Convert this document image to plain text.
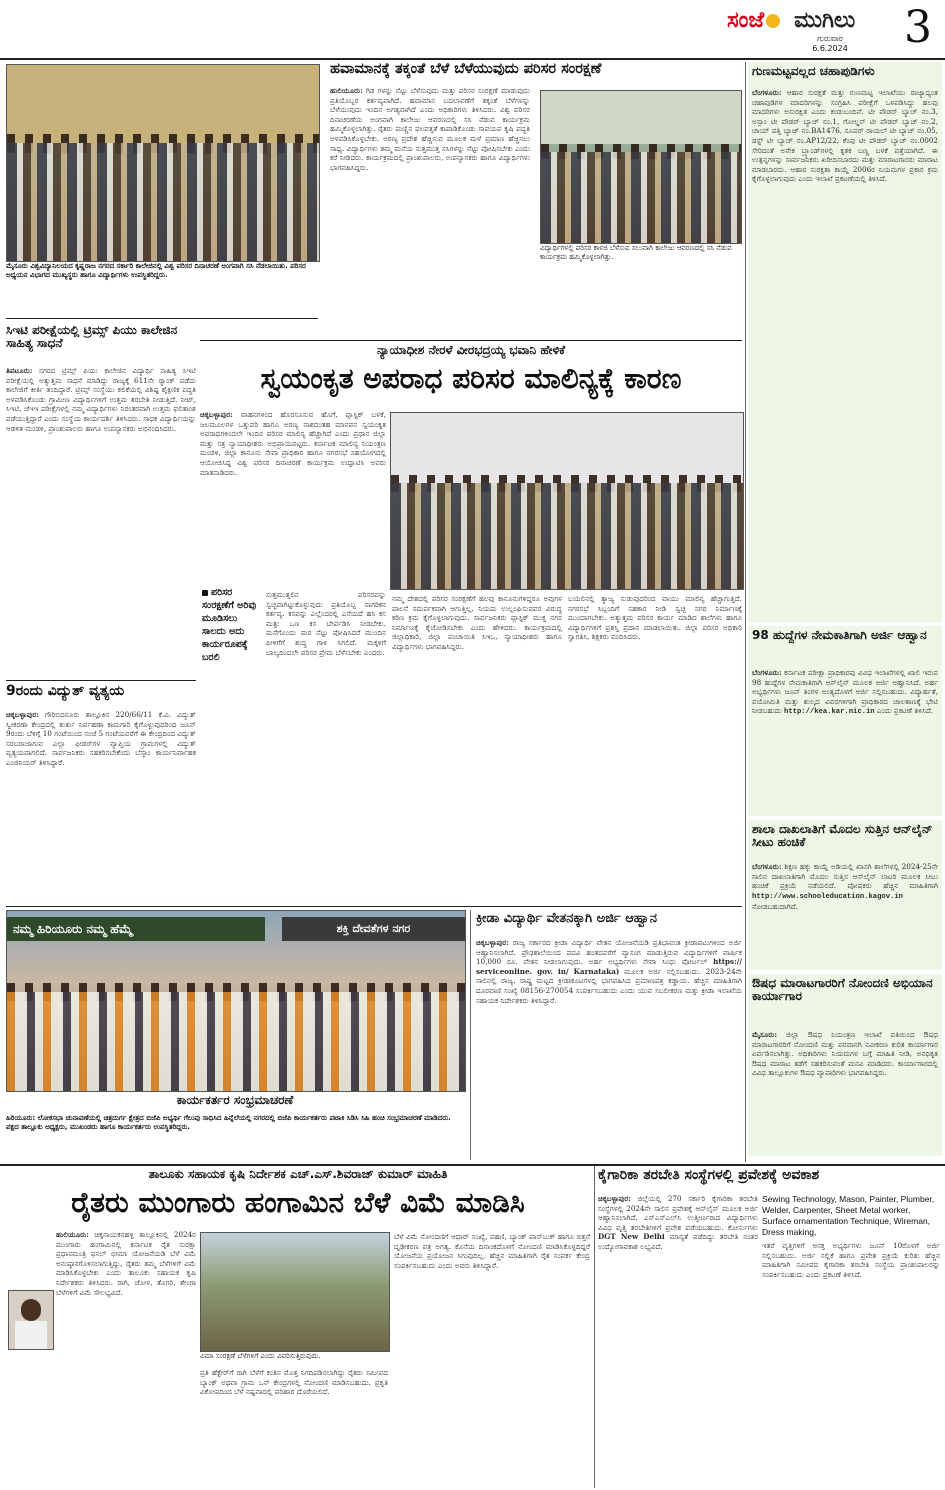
ಸಂಜೆ ಮುಗಿಲು
ಗುರುವಾರ
6.6.2024	3
ಮೈಸೂರು ವಿಶ್ವವಿದ್ಯಾನಿಲಯದ ಕೃಷ್ಣರಾಜ ನಗರದ ಸರ್ಕಾರಿ ಕಾಲೇಜಿನಲ್ಲಿ ವಿಶ್ವ ಪರಿಸರ ದಿನಾಚರಣೆ ಅಂಗವಾಗಿ ಸಸಿ ನೆಡಲಾಯಿತು. ಪರಿಸರ ಅಧ್ಯಯನ ವಿಭಾಗದ ಮುಖ್ಯಸ್ಥರು ಹಾಗೂ ವಿದ್ಯಾರ್ಥಿಗಳು ಉಪಸ್ಥಿತರಿದ್ದರು.
ಹವಾಮಾನಕ್ಕೆ ತಕ್ಕಂತೆ ಬೆಳೆ ಬೆಳೆಯುವುದು ಪರಿಸರ ಸಂರಕ್ಷಣೆ
ಹುಲಿಯೂರು: ಗಿಡ ಗಳನ್ನು ನೆಟ್ಟು ಬೆಳೆಸುವುದು ಮತ್ತು ಪರಿಸರ ಸಂರಕ್ಷಣೆ ಮಾಡುವುದು ಪ್ರತಿಯೊಬ್ಬರ ಕರ್ತವ್ಯವಾಗಿದೆ. ಹವಾಮಾನ ಬದಲಾವಣೆಗೆ ತಕ್ಕಂತೆ ಬೆಳೆಗಳನ್ನು ಬೆಳೆಯುವುದು ಇಂದಿನ ಅಗತ್ಯವಾಗಿದೆ ಎಂದು ಅಧಿಕಾರಿಗಳು ತಿಳಿಸಿದರು. ವಿಶ್ವ ಪರಿಸರ ದಿನಾಚರಣೆಯ ಅಂಗವಾಗಿ ಕಾಲೇಜು ಆವರಣದಲ್ಲಿ ಸಸಿ ನೆಡುವ ಕಾರ್ಯಕ್ರಮ ಹಮ್ಮಿಕೊಳ್ಳಲಾಗಿತ್ತು. ರೈತರು ಮಣ್ಣಿನ ಫಲವತ್ತತೆ ಕಾಪಾಡಿಕೊಂಡು ಸಾವಯವ ಕೃಷಿ ಪದ್ಧತಿ ಅಳವಡಿಸಿಕೊಳ್ಳಬೇಕು. ಅರಣ್ಯ ಪ್ರದೇಶ ಹೆಚ್ಚಿಸುವ ಮೂಲಕ ಮಳೆ ಪ್ರಮಾಣ ಹೆಚ್ಚಿಸಲು ಸಾಧ್ಯ. ವಿದ್ಯಾರ್ಥಿಗಳು ತಮ್ಮ ಮನೆಯ ಸುತ್ತಮುತ್ತ ಸಸಿಗಳನ್ನು ನೆಟ್ಟು ಪೋಷಿಸಬೇಕು ಎಂದು ಕರೆ ನೀಡಿದರು. ಕಾರ್ಯಕ್ರಮದಲ್ಲಿ ಪ್ರಾಂಶುಪಾಲರು, ಉಪನ್ಯಾಸಕರು ಹಾಗೂ ವಿದ್ಯಾರ್ಥಿಗಳು ಭಾಗವಹಿಸಿದ್ದರು.
ವಿದ್ಯಾರ್ಥಿಗಳಲ್ಲಿ ಪರಿಸರ ಕಾಳಜಿ ಬೆಳೆಸುವ ಸಲುವಾಗಿ ಕಾಲೇಜು ಆವರಣದಲ್ಲಿ ಸಸಿ ನೆಡುವ ಕಾರ್ಯಕ್ರಮ ಹಮ್ಮಿಕೊಳ್ಳಲಾಗಿತ್ತು.
ಗುಣಮಟ್ಟವಲ್ಲದ ಚಹಾಪುಡಿಗಳು
ಬೆಂಗಳೂರು: ಆಹಾರ ಸುರಕ್ಷತೆ ಮತ್ತು ಗುಣಮಟ್ಟ ಇಲಾಖೆಯು ರಾಜ್ಯಾದ್ಯಂತ ಚಹಾಪುಡಿಗಳ ಮಾದರಿಗಳನ್ನು ಸಂಗ್ರಹಿಸಿ ಪರೀಕ್ಷೆಗೆ ಒಳಪಡಿಸಿದ್ದು ಹಲವು ಮಾದರಿಗಳು ಅಸುರಕ್ಷಿತ ಎಂದು ಕಂಡುಬಂದಿವೆ. ಟೀ ಪೌಡರ್ ಬ್ಯಾಚ್ ನಂ.3, ಅಸ್ಸಾಂ ಟೀ ಪೌಡರ್ ಬ್ಯಾಚ್ ನಂ.1, ಗೋಲ್ಡನ್ ಟೀ ಪೌಡರ್ ಬ್ಯಾಚ್ ನಂ.2, ಚಾಯ್ ಪತ್ತಿ ಬ್ಯಾಚ್ ನಂ.BA1476, ಸೂಪರ್ ರಾಯಲ್ ಟೀ ಬ್ಯಾಚ್ ನಂ.05, ಡಸ್ಟ್ ಟೀ ಬ್ಯಾಚ್ ನಂ.AP12/22, ಕೆಂಪು ಟೀ ಪೌಡರ್ ಬ್ಯಾಚ್ ನಂ.0002 ಸೇರಿದಂತೆ ಅನೇಕ ಬ್ರ್ಯಾಂಡ್‌ಗಳಲ್ಲಿ ಕೃತಕ ಬಣ್ಣ ಬಳಕೆ ಪತ್ತೆಯಾಗಿದೆ. ಈ ಉತ್ಪನ್ನಗಳನ್ನು ಸಾರ್ವಜನಿಕರು ಖರೀದಿಸಬಾರದು ಮತ್ತು ಮಾರಾಟಗಾರರು ಮಾರಾಟ ಮಾಡಬಾರದು. ಆಹಾರ ಸುರಕ್ಷತಾ ಕಾಯ್ದೆ 2006ರ ನಿಯಮಗಳ ಪ್ರಕಾರ ಕ್ರಮ ಕೈಗೊಳ್ಳಲಾಗುವುದು ಎಂದು ಇಲಾಖೆ ಪ್ರಕಟಣೆಯಲ್ಲಿ ತಿಳಿಸಿದೆ.
98 ಹುದ್ದೆಗಳ ನೇಮಕಾತಿಗಾಗಿ ಅರ್ಜಿ ಆಹ್ವಾನ
ಬೆಂಗಳೂರು: ಕರ್ನಾಟಕ ಪರೀಕ್ಷಾ ಪ್ರಾಧಿಕಾರವು ವಿವಿಧ ಇಲಾಖೆಗಳಲ್ಲಿ ಖಾಲಿ ಇರುವ 98 ಹುದ್ದೆಗಳ ನೇಮಕಾತಿಗಾಗಿ ಆನ್‌ಲೈನ್ ಮೂಲಕ ಅರ್ಜಿ ಆಹ್ವಾನಿಸಿದೆ. ಅರ್ಹ ಅಭ್ಯರ್ಥಿಗಳು ಜೂನ್ ತಿಂಗಳ ಅಂತ್ಯದೊಳಗೆ ಅರ್ಜಿ ಸಲ್ಲಿಸಬಹುದು. ವಿದ್ಯಾರ್ಹತೆ, ವಯೋಮಿತಿ ಮತ್ತು ಶುಲ್ಕದ ವಿವರಗಳಿಗಾಗಿ ಪ್ರಾಧಿಕಾರದ ಜಾಲತಾಣಕ್ಕೆ ಭೇಟಿ ನೀಡಬಹುದು http://kea.kar.nic.in ಎಂದು ಪ್ರಕಟಣೆ ತಿಳಿಸಿದೆ.
ಶಾಲಾ ದಾಖಲಾತಿಗೆ ಮೊದಲ ಸುತ್ತಿನ ಆನ್‌ಲೈನ್ ಸೀಟು ಹಂಚಿಕೆ
ಬೆಂಗಳೂರು: ಶಿಕ್ಷಣ ಹಕ್ಕು ಕಾಯ್ದೆ ಅಡಿಯಲ್ಲಿ ಖಾಸಗಿ ಶಾಲೆಗಳಲ್ಲಿ 2024-25ನೇ ಸಾಲಿನ ದಾಖಲಾತಿಗಾಗಿ ಮೊದಲ ಸುತ್ತಿನ ಆನ್‌ಲೈನ್ ಲಾಟರಿ ಮೂಲಕ ಸೀಟು ಹಂಚಿಕೆ ಪ್ರಕ್ರಿಯೆ ನಡೆಯಲಿದೆ. ಪೋಷಕರು ಹೆಚ್ಚಿನ ಮಾಹಿತಿಗಾಗಿ http://www.schooleducation.kagov.in ನೋಡಬಹುದಾಗಿದೆ.
ಔಷಧ ಮಾರಾಟಗಾರರಿಗೆ ನೋಂದಣಿ ಅಭಿಯಾನ ಕಾರ್ಯಾಗಾರ
ಮೈಸೂರು: ಜಿಲ್ಲಾ ಔಷಧ ನಿಯಂತ್ರಣ ಇಲಾಖೆ ವತಿಯಿಂದ ಔಷಧ ಮಾರಾಟಗಾರರಿಗೆ ನೋಂದಣಿ ಮತ್ತು ಪರವಾನಗಿ ನವೀಕರಣ ಕುರಿತ ಕಾರ್ಯಾಗಾರ ಏರ್ಪಡಿಸಲಾಗಿತ್ತು. ಅಧಿಕಾರಿಗಳು ನಿಯಮಗಳ ಬಗ್ಗೆ ಮಾಹಿತಿ ನೀಡಿ, ಅನಧಿಕೃತ ಔಷಧ ಮಾರಾಟ ತಡೆಗೆ ಸಹಕರಿಸುವಂತೆ ಮನವಿ ಮಾಡಿದರು. ಕಾರ್ಯಾಗಾರದಲ್ಲಿ ವಿವಿಧ ತಾಲ್ಲೂಕುಗಳ ಔಷಧ ವ್ಯಾಪಾರಿಗಳು ಭಾಗವಹಿಸಿದ್ದರು.
ಸಿಇಟಿ ಪರೀಕ್ಷೆಯಲ್ಲಿ ಟ್ರಿಮ್ಸ್ ಪಿಯು ಕಾಲೇಜಿನ ಸಾಹಿತ್ಯ ಸಾಧನೆ
ತಿಪಟೂರು: ನಗರದ ಟ್ರಿಮ್ಸ್ ಪಿಯು ಕಾಲೇಜಿನ ವಿದ್ಯಾರ್ಥಿ ಸಾಹಿತ್ಯ ಸಿಇಟಿ ಪರೀಕ್ಷೆಯಲ್ಲಿ ಅತ್ಯುತ್ತಮ ಸಾಧನೆ ಮಾಡಿದ್ದು ರಾಜ್ಯಕ್ಕೆ 611ನೇ ರ್‍ಯಾಂಕ್ ಪಡೆದು ಕಾಲೇಜಿಗೆ ಕೀರ್ತಿ ತಂದಿದ್ದಾರೆ. ಟ್ರಿಮ್ಸ್ ಸಂಸ್ಥೆಯು ಕಲಿಕೆಯಲ್ಲಿ ವಿಶಿಷ್ಟ ಶೈಕ್ಷಣಿಕ ಪದ್ಧತಿ ಅಳವಡಿಸಿಕೊಂಡು ಗ್ರಾಮೀಣ ವಿದ್ಯಾರ್ಥಿಗಳಿಗೆ ಉತ್ತಮ ತರಬೇತಿ ನೀಡುತ್ತಿದೆ. ನೀಟ್, ಸಿಇಟಿ, ಜೆಇಇ ಪರೀಕ್ಷೆಗಳಲ್ಲಿ ನಮ್ಮ ವಿದ್ಯಾರ್ಥಿಗಳು ನಿರಂತರವಾಗಿ ಉತ್ತಮ ಫಲಿತಾಂಶ ಪಡೆಯುತ್ತಿದ್ದಾರೆ ಎಂದು ಸಂಸ್ಥೆಯ ಕಾರ್ಯದರ್ಶಿ ತಿಳಿಸಿದರು. ಸಾಧಕ ವಿದ್ಯಾರ್ಥಿಯನ್ನು ಆಡಳಿತ ಮಂಡಳಿ, ಪ್ರಾಂಶುಪಾಲರು ಹಾಗೂ ಉಪನ್ಯಾಸಕರು ಅಭಿನಂದಿಸಿದರು.
9ರಂದು ವಿದ್ಯುತ್ ವ್ಯತ್ಯಯ
ಚಿಕ್ಕಬಳ್ಳಾಪುರ: ಗೌರಿಬಿದನೂರು ತಾಲ್ಲೂಕಿನ 220/66/11 ಕೆ.ವಿ. ವಿದ್ಯುತ್ ಸ್ವೀಕರಣಾ ಕೇಂದ್ರದಲ್ಲಿ ತುರ್ತು ನಿರ್ವಹಣಾ ಕಾಮಗಾರಿ ಕೈಗೊಳ್ಳುವುದರಿಂದ ಜೂನ್ 9ರಂದು ಬೆಳಿಗ್ಗೆ 10 ಗಂಟೆಯಿಂದ ಸಂಜೆ 5 ಗಂಟೆಯವರೆಗೆ ಈ ಕೇಂದ್ರದಿಂದ ವಿದ್ಯುತ್ ಸರಬರಾಜಾಗುವ ಎಲ್ಲಾ ಫೀಡರ್‌ಗಳ ವ್ಯಾಪ್ತಿಯ ಗ್ರಾಮಗಳಲ್ಲಿ ವಿದ್ಯುತ್ ವ್ಯತ್ಯಯವಾಗಲಿದೆ. ಸಾರ್ವಜನಿಕರು ಸಹಕರಿಸಬೇಕೆಂದು ಬೆಸ್ಕಾಂ ಕಾರ್ಯನಿರ್ವಾಹಕ ಎಂಜಿನಿಯರ್ ತಿಳಿಸಿದ್ದಾರೆ.
ನ್ಯಾಯಾಧೀಶ ನೇರಳೆ ವೀರಭದ್ರಯ್ಯ ಭವಾನಿ ಹೇಳಿಕೆ
ಸ್ವಯಂಕೃತ ಅಪರಾಧ ಪರಿಸರ ಮಾಲಿನ್ಯಕ್ಕೆ ಕಾರಣ
ಚಿಕ್ಕಬಳ್ಳಾಪುರ: ವಾಹನಗಳಿಂದ ಹೊರಸೂಸುವ ಹೊಗೆ, ಪ್ಲಾಸ್ಟಿಕ್ ಬಳಕೆ, ಜಲಮೂಲಗಳ ಒತ್ತುವರಿ ಹಾಗೂ ಅರಣ್ಯ ನಾಶದಂತಹ ಮಾನವನ ಸ್ವಯಂಕೃತ ಅಪರಾಧಗಳಿಂದಲೇ ಇಂದಿನ ಪರಿಸರ ಮಾಲಿನ್ಯ ಹೆಚ್ಚಾಗಿದೆ ಎಂದು ಪ್ರಧಾನ ಜಿಲ್ಲಾ ಮತ್ತು ಸತ್ರ ನ್ಯಾಯಾಧೀಶರು ಅಭಿಪ್ರಾಯಪಟ್ಟರು. ಕರ್ನಾಟಕ ಮಾಲಿನ್ಯ ನಿಯಂತ್ರಣ ಮಂಡಳಿ, ಜಿಲ್ಲಾ ಕಾನೂನು ಸೇವಾ ಪ್ರಾಧಿಕಾರ ಹಾಗೂ ನಗರಸಭೆ ಸಹಯೋಗದಲ್ಲಿ ಆಯೋಜಿಸಿದ್ದ ವಿಶ್ವ ಪರಿಸರ ದಿನಾಚರಣೆ ಕಾರ್ಯಕ್ರಮ ಉದ್ಘಾಟಿಸಿ ಅವರು ಮಾತನಾಡಿದರು.
ಪರಿಸರ ಸಂರಕ್ಷಣೆಗೆ ಅರಿವು ಮೂಡಿಸಲು ಸಾಲದು ಅದು ಕಾರ್ಯರೂಪಕ್ಕೆ ಬರಲಿ
ಸುತ್ತಮುತ್ತಲಿನ ಪರಿಸರವನ್ನು ಸ್ವಚ್ಛವಾಗಿಟ್ಟುಕೊಳ್ಳುವುದು ಪ್ರತಿಯೊಬ್ಬ ನಾಗರಿಕನ ಕರ್ತವ್ಯ. ಕಸವನ್ನು ಎಲ್ಲೆಂದರಲ್ಲಿ ಎಸೆಯದೆ ಹಸಿ ಕಸ ಮತ್ತು ಒಣ ಕಸ ಬೇರ್ಪಡಿಸಿ ನೀಡಬೇಕು. ಮನೆಗೊಂದು ಮರ ನೆಟ್ಟು ಪೋಷಿಸಿದರೆ ಮುಂದಿನ ಪೀಳಿಗೆಗೆ ಶುದ್ಧ ಗಾಳಿ ಸಿಗಲಿದೆ. ಮಕ್ಕಳಿಗೆ ಬಾಲ್ಯದಿಂದಲೇ ಪರಿಸರ ಪ್ರೇಮ ಬೆಳೆಸಬೇಕು ಎಂದರು.
ನಮ್ಮ ದೇಶದಲ್ಲಿ ಪರಿಸರ ಸಂರಕ್ಷಣೆಗೆ ಹಲವು ಕಾನೂನುಗಳಿದ್ದರೂ ಅವುಗಳ ಪಾಲನೆ ಸಮರ್ಪಕವಾಗಿ ಆಗುತ್ತಿಲ್ಲ. ನಿಯಮ ಉಲ್ಲಂಘಿಸುವವರ ವಿರುದ್ಧ ಕಠಿಣ ಕ್ರಮ ಕೈಗೊಳ್ಳಲಾಗುವುದು. ಸಾರ್ವಜನಿಕರು ಪ್ಲಾಸ್ಟಿಕ್ ಮುಕ್ತ ನಗರ ನಿರ್ಮಾಣಕ್ಕೆ ಕೈಜೋಡಿಸಬೇಕು ಎಂದು ಹೇಳಿದರು. ಕಾರ್ಯಕ್ರಮದಲ್ಲಿ ಜಿಲ್ಲಾಧಿಕಾರಿ, ಜಿಲ್ಲಾ ಪಂಚಾಯಿತಿ ಸಿಇಒ, ನ್ಯಾಯಾಧೀಶರು ಹಾಗೂ ವಿದ್ಯಾರ್ಥಿಗಳು ಭಾಗವಹಿಸಿದ್ದರು.
ಬಯಲಿನಲ್ಲಿ ತ್ಯಾಜ್ಯ ಸುಡುವುದರಿಂದ ವಾಯು ಮಾಲಿನ್ಯ ಹೆಚ್ಚಾಗುತ್ತಿದೆ. ನಗರಸಭೆ ಸಿಬ್ಬಂದಿಗೆ ಸಹಕಾರ ನೀಡಿ ಸ್ವಚ್ಛ ನಗರ ನಿರ್ಮಾಣಕ್ಕೆ ಮುಂದಾಗಬೇಕು. ಅತ್ಯುತ್ತಮ ಪರಿಸರ ಕಾರ್ಯ ಮಾಡಿದ ಶಾಲೆಗಳು ಹಾಗೂ ವಿದ್ಯಾರ್ಥಿಗಳಿಗೆ ಪ್ರಶಸ್ತಿ ಪ್ರದಾನ ಮಾಡಲಾಯಿತು. ಜಿಲ್ಲಾ ಪರಿಸರ ಅಧಿಕಾರಿ ಸ್ವಾಗತಿಸಿ, ಶಿಕ್ಷಕರು ವಂದಿಸಿದರು.
ನಮ್ಮ ಹಿರಿಯೂರು ನಮ್ಮ ಹೆಮ್ಮೆ	ಶಕ್ತಿ ದೇವತೆಗಳ ನಗರ
ಕಾರ್ಯಕರ್ತರ ಸಂಭ್ರಮಾಚರಣೆ
ಹಿರಿಯೂರು: ಲೋಕಸಭಾ ಚುನಾವಣೆಯಲ್ಲಿ ಚಿತ್ರದುರ್ಗ ಕ್ಷೇತ್ರದ ಬಿಜೆಪಿ ಅಭ್ಯರ್ಥಿ ಗೆಲುವು ಸಾಧಿಸಿದ ಹಿನ್ನೆಲೆಯಲ್ಲಿ ನಗರದಲ್ಲಿ ಬಿಜೆಪಿ ಕಾರ್ಯಕರ್ತರು ಪಟಾಕಿ ಸಿಡಿಸಿ ಸಿಹಿ ಹಂಚಿ ಸಂಭ್ರಮಾಚರಣೆ ಮಾಡಿದರು. ಪಕ್ಷದ ತಾಲ್ಲೂಕು ಅಧ್ಯಕ್ಷರು, ಮುಖಂಡರು ಹಾಗೂ ಕಾರ್ಯಕರ್ತರು ಉಪಸ್ಥಿತರಿದ್ದರು.
ಕ್ರೀಡಾ ವಿದ್ಯಾರ್ಥಿ ವೇತನಕ್ಕಾಗಿ ಅರ್ಜಿ ಆಹ್ವಾನ
ಚಿಕ್ಕಬಳ್ಳಾಪುರ: ರಾಜ್ಯ ಸರ್ಕಾರದ ಕ್ರೀಡಾ ವಿದ್ಯಾರ್ಥಿ ವೇತನ ಯೋಜನೆಯಡಿ ಪ್ರತಿಭಾವಂತ ಕ್ರೀಡಾಪಟುಗಳಿಂದ ಅರ್ಜಿ ಆಹ್ವಾನಿಸಲಾಗಿದೆ. ಪ್ರೌಢಶಾಲೆಯಿಂದ ಪದವಿ ಹಂತದವರೆಗೆ ವ್ಯಾಸಂಗ ಮಾಡುತ್ತಿರುವ ವಿದ್ಯಾರ್ಥಿಗಳಿಗೆ ವಾರ್ಷಿಕ 10,000 ರೂ. ವೇತನ ನೀಡಲಾಗುವುದು. ಅರ್ಹ ಅಭ್ಯರ್ಥಿಗಳು ಸೇವಾ ಸಿಂಧು ಪೋರ್ಟಲ್ https:// serviceonline. gov. in/ Karnataka) ಮೂಲಕ ಅರ್ಜಿ ಸಲ್ಲಿಸಬಹುದು. 2023-24ನೇ ಸಾಲಿನಲ್ಲಿ ರಾಜ್ಯ, ರಾಷ್ಟ್ರ ಮಟ್ಟದ ಕ್ರೀಡಾಕೂಟಗಳಲ್ಲಿ ಭಾಗವಹಿಸಿದ ಪ್ರಮಾಣಪತ್ರ ಕಡ್ಡಾಯ. ಹೆಚ್ಚಿನ ಮಾಹಿತಿಗಾಗಿ ದೂರವಾಣಿ ಸಂಖ್ಯೆ 08156-270054 ಸಂಪರ್ಕಿಸಬಹುದು ಎಂದು ಯುವ ಸಬಲೀಕರಣ ಮತ್ತು ಕ್ರೀಡಾ ಇಲಾಖೆಯ ಸಹಾಯಕ ನಿರ್ದೇಶಕರು ತಿಳಿಸಿದ್ದಾರೆ.
ತಾಲೂಕು ಸಹಾಯಕ ಕೃಷಿ ನಿರ್ದೇಶಕ ಎಚ್.ಎಸ್.ಶಿವರಾಜ್ ಕುಮಾರ್ ಮಾಹಿತಿ
ರೈತರು ಮುಂಗಾರು ಹಂಗಾಮಿನ ಬೆಳೆ ವಿಮೆ ಮಾಡಿಸಿ
ಹುಲಿಯೂರು: ಚಿಕ್ಕನಾಯಕನಹಳ್ಳಿ ತಾಲ್ಲೂಕಿನಲ್ಲಿ 2024ರ ಮುಂಗಾರು ಹಂಗಾಮಿನಲ್ಲಿ ಕರ್ನಾಟಕ ರೈತ ಸುರಕ್ಷಾ ಪ್ರಧಾನಮಂತ್ರಿ ಫಸಲ್ ಭೀಮಾ ಯೋಜನೆಯಡಿ ಬೆಳೆ ವಿಮೆ ಅನುಷ್ಠಾನಗೊಳಿಸಲಾಗುತ್ತಿದ್ದು, ರೈತರು ತಮ್ಮ ಬೆಳೆಗಳಿಗೆ ವಿಮೆ ಮಾಡಿಸಿಕೊಳ್ಳಬೇಕು ಎಂದು ತಾಲೂಕು ಸಹಾಯಕ ಕೃಷಿ ನಿರ್ದೇಶಕರು ತಿಳಿಸಿದರು. ರಾಗಿ, ಜೋಳ, ತೊಗರಿ, ಶೇಂಗಾ ಬೆಳೆಗಳಿಗೆ ವಿಮೆ ಸೌಲಭ್ಯವಿದೆ.
ವಿಮಾ ಸಂರಕ್ಷಣೆ ಬೆಳೆಗಳಿಗೆ ಎಂದು ವಿವರಿಸುತ್ತಿರುವುದು.
ಪ್ರತಿ ಹೆಕ್ಟೇರ್‌ಗೆ ರಾಗಿ ಬೆಳೆಗೆ ಕಂತಿನ ಮೊತ್ತ ನಿಗದಿಪಡಿಸಲಾಗಿದ್ದು ರೈತರು ಸಮೀಪದ ಬ್ಯಾಂಕ್ ಅಥವಾ ಗ್ರಾಮ ಒನ್ ಕೇಂದ್ರಗಳಲ್ಲಿ ನೋಂದಣಿ ಮಾಡಿಸಬಹುದು. ಪ್ರಕೃತಿ ವಿಕೋಪದಿಂದ ಬೆಳೆ ನಷ್ಟವಾದಲ್ಲಿ ಪರಿಹಾರ ದೊರೆಯಲಿದೆ.
ಬೆಳೆ ವಿಮೆ ನೋಂದಣಿಗೆ ಆಧಾರ್ ಸಂಖ್ಯೆ, ಪಹಣಿ, ಬ್ಯಾಂಕ್ ಪಾಸ್‌ಬುಕ್ ಹಾಗೂ ಬಿತ್ತನೆ ದೃಢೀಕರಣ ಪತ್ರ ಅಗತ್ಯ. ಕೊನೆಯ ದಿನಾಂಕದೊಳಗೆ ನೋಂದಣಿ ಮಾಡಿಸಿಕೊಳ್ಳದಿದ್ದರೆ ಯೋಜನೆಯ ಪ್ರಯೋಜನ ಸಿಗುವುದಿಲ್ಲ. ಹೆಚ್ಚಿನ ಮಾಹಿತಿಗಾಗಿ ರೈತ ಸಂಪರ್ಕ ಕೇಂದ್ರ ಸಂಪರ್ಕಿಸಬಹುದು ಎಂದು ಅವರು ತಿಳಿಸಿದ್ದಾರೆ.
ಕೈಗಾರಿಕಾ ತರಬೇತಿ ಸಂಸ್ಥೆಗಳಲ್ಲಿ ಪ್ರವೇಶಕ್ಕೆ ಅವಕಾಶ
ಚಿಕ್ಕಬಳ್ಳಾಪುರ: ಜಿಲ್ಲೆಯಲ್ಲಿ 270 ಸರ್ಕಾರಿ ಕೈಗಾರಿಕಾ ತರಬೇತಿ ಸಂಸ್ಥೆಗಳಲ್ಲಿ 2024ನೇ ಸಾಲಿನ ಪ್ರವೇಶಕ್ಕೆ ಆನ್‌ಲೈನ್ ಮೂಲಕ ಅರ್ಜಿ ಆಹ್ವಾನಿಸಲಾಗಿದೆ. ಎಸ್‌ಎಸ್‌ಎಲ್‌ಸಿ ಉತ್ತೀರ್ಣರಾದ ವಿದ್ಯಾರ್ಥಿಗಳು ವಿವಿಧ ವೃತ್ತಿ ತರಬೇತಿಗಳಿಗೆ ಪ್ರವೇಶ ಪಡೆಯಬಹುದು. ಕೋರ್ಸುಗಳು DGT New Delhi ಮಾನ್ಯತೆ ಪಡೆದಿದ್ದು ತರಬೇತಿ ನಂತರ ಉದ್ಯೋಗಾವಕಾಶ ಲಭ್ಯವಿದೆ.
Sewing Technology, Mason, Painter, Plumber, Welder, Carpenter, Sheet Metal worker, Surface ornamentation Technique, Wireman, Dress making,
ಇತರೆ ವೃತ್ತಿಗಳಿಗೆ ಆಸಕ್ತ ಅಭ್ಯರ್ಥಿಗಳು ಜೂನ್ 10ರೊಳಗೆ ಅರ್ಜಿ ಸಲ್ಲಿಸಬಹುದು. ಅರ್ಜಿ ಸಲ್ಲಿಕೆ ಹಾಗೂ ಪ್ರವೇಶ ಪ್ರಕ್ರಿಯೆ ಕುರಿತು ಹೆಚ್ಚಿನ ಮಾಹಿತಿಗಾಗಿ ಸಮೀಪದ ಕೈಗಾರಿಕಾ ತರಬೇತಿ ಸಂಸ್ಥೆಯ ಪ್ರಾಂಶುಪಾಲರನ್ನು ಸಂಪರ್ಕಿಸಬಹುದು ಎಂದು ಪ್ರಕಟಣೆ ತಿಳಿಸಿದೆ.
